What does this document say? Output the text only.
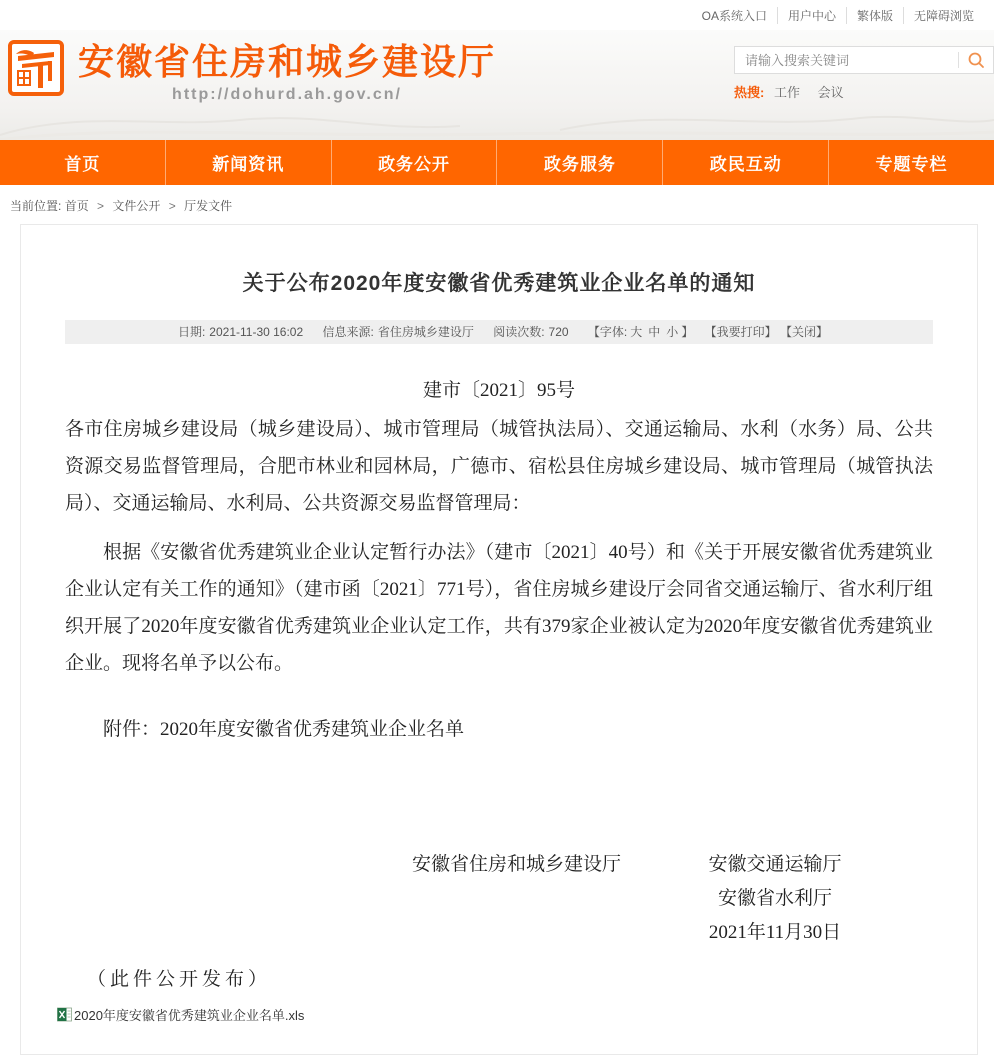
OA系统入口	用户中心	繁体版	无障碍浏览
安徽省住房和城乡建设厅
http://dohurd.ah.gov.cn/
请输入搜索关键词	热搜: 工作 会议
首页	新闻资讯	政务公开	政务服务	政民互动	专题专栏
当前位置: 首页 > 文件公开 > 厅发文件
关于公布2020年度安徽省优秀建筑业企业名单的通知
日期: 2021-11-30 16:02 信息来源: 省住房城乡建设厅 阅读次数: 720 【字体: 大 中 小 】 【我要打印】 【关闭】
建市〔2021〕95号

各市住房城乡建设局（城乡建设局）、城市管理局（城管执法局）、交通运输局、水利（水务）局、公共资源交易监督管理局，合肥市林业和园林局，广德市、宿松县住房城乡建设局、城市管理局（城管执法局）、交通运输局、水利局、公共资源交易监督管理局：

根据《安徽省优秀建筑业企业认定暂行办法》（建市〔2021〕40号）和《关于开展安徽省优秀建筑业企业认定有关工作的通知》（建市函〔2021〕771号），省住房城乡建设厅会同省交通运输厅、省水利厅组织开展了2020年度安徽省优秀建筑业企业认定工作，共有379家企业被认定为2020年度安徽省优秀建筑业企业。现将名单予以公布。

附件：2020年度安徽省优秀建筑业企业名单
安徽省住房和城乡建设厅	安徽交通运输厅
安徽省水利厅
2021年11月30日
（此件公开发布）
2020年度安徽省优秀建筑业企业名单.xls
